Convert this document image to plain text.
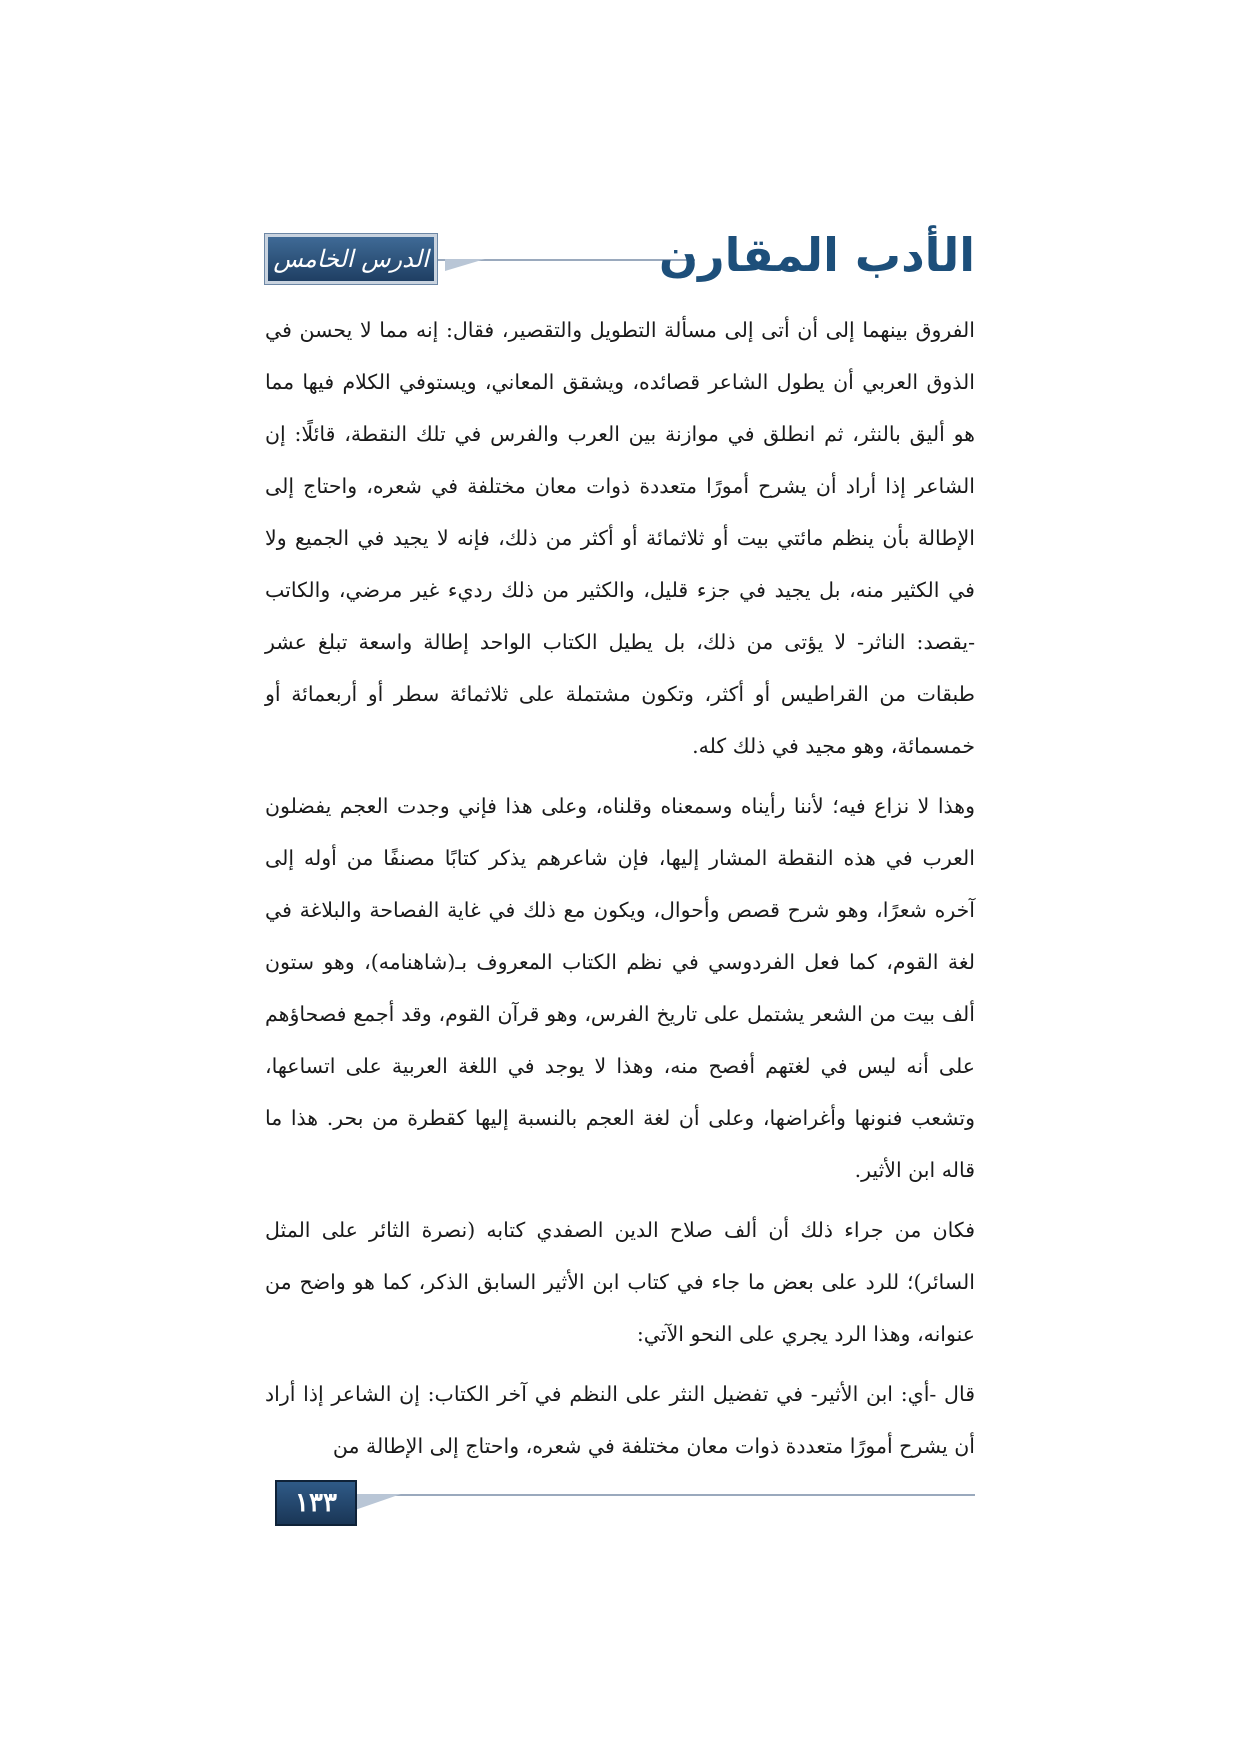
الدرس الخامس	الأدب المقارن

الفروق بينهما إلى أن أتى إلى مسألة التطويل والتقصير، فقال: إنه مما لا يحسن في الذوق العربي أن يطول الشاعر قصائده، ويشقق المعاني، ويستوفي الكلام فيها مما هو أليق بالنثر، ثم انطلق في موازنة بين العرب والفرس في تلك النقطة، قائلًا: إن الشاعر إذا أراد أن يشرح أمورًا متعددة ذوات معان مختلفة في شعره، واحتاج إلى الإطالة بأن ينظم مائتي بيت أو ثلاثمائة أو أكثر من ذلك، فإنه لا يجيد في الجميع ولا في الكثير منه، بل يجيد في جزء قليل، والكثير من ذلك رديء غير مرضي، والكاتب -يقصد: الناثر- لا يؤتى من ذلك، بل يطيل الكتاب الواحد إطالة واسعة تبلغ عشر طبقات من القراطيس أو أكثر، وتكون مشتملة على ثلاثمائة سطر أو أربعمائة أو خمسمائة، وهو مجيد في ذلك كله.

وهذا لا نزاع فيه؛ لأننا رأيناه وسمعناه وقلناه، وعلى هذا فإني وجدت العجم يفضلون العرب في هذه النقطة المشار إليها، فإن شاعرهم يذكر كتابًا مصنفًا من أوله إلى آخره شعرًا، وهو شرح قصص وأحوال، ويكون مع ذلك في غاية الفصاحة والبلاغة في لغة القوم، كما فعل الفردوسي في نظم الكتاب المعروف بـ(شاهنامه)، وهو ستون ألف بيت من الشعر يشتمل على تاريخ الفرس، وهو قرآن القوم، وقد أجمع فصحاؤهم على أنه ليس في لغتهم أفصح منه، وهذا لا يوجد في اللغة العربية على اتساعها، وتشعب فنونها وأغراضها، وعلى أن لغة العجم بالنسبة إليها كقطرة من بحر. هذا ما قاله ابن الأثير.

فكان من جراء ذلك أن ألف صلاح الدين الصفدي كتابه (نصرة الثائر على المثل السائر)؛ للرد على بعض ما جاء في كتاب ابن الأثير السابق الذكر، كما هو واضح من عنوانه، وهذا الرد يجري على النحو الآتي:

قال -أي: ابن الأثير- في تفضيل النثر على النظم في آخر الكتاب: إن الشاعر إذا أراد أن يشرح أمورًا متعددة ذوات معان مختلفة في شعره، واحتاج إلى الإطالة من

١٣٣
